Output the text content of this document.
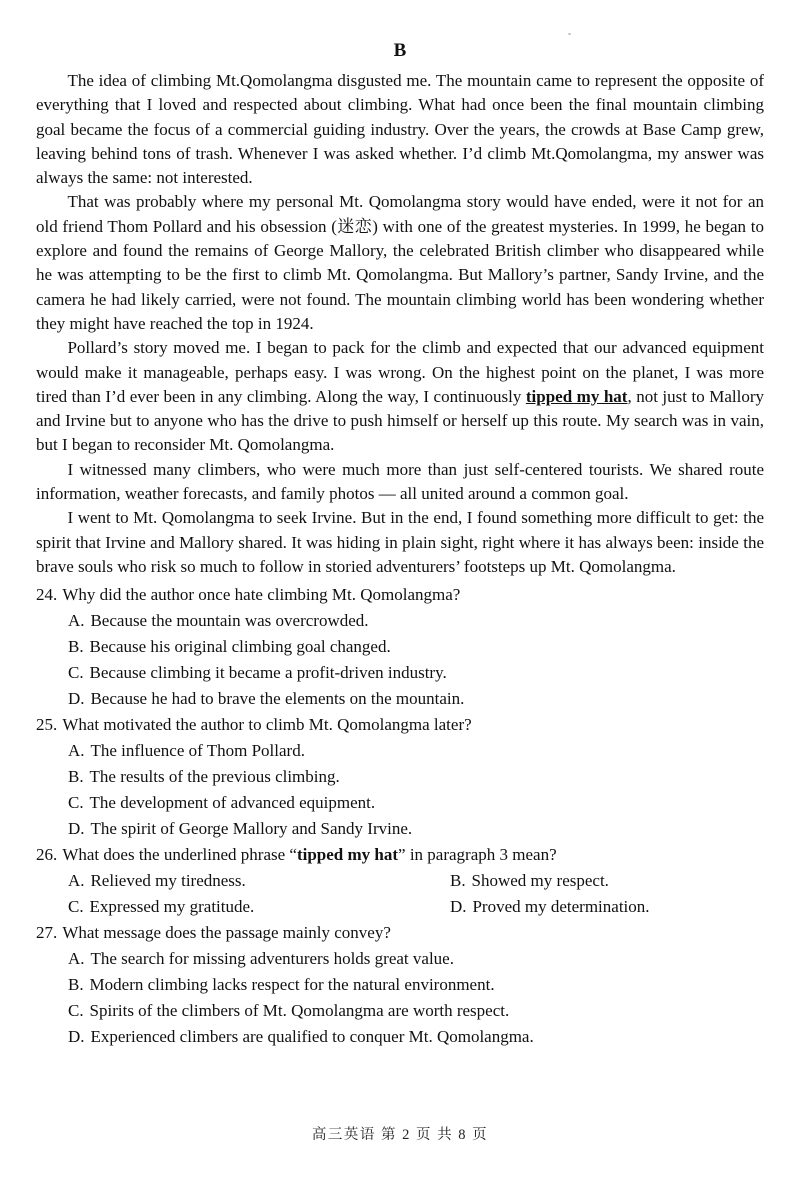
B

The idea of climbing Mt.Qomolangma disgusted me. The mountain came to represent the opposite of everything that I loved and respected about climbing. What had once been the final mountain climbing goal became the focus of a commercial guiding industry. Over the years, the crowds at Base Camp grew, leaving behind tons of trash. Whenever I was asked whether. I’d climb Mt.Qomolangma, my answer was always the same: not interested.

That was probably where my personal Mt. Qomolangma story would have ended, were it not for an old friend Thom Pollard and his obsession (迷恋) with one of the greatest mysteries. In 1999, he began to explore and found the remains of George Mallory, the celebrated British climber who disappeared while he was attempting to be the first to climb Mt. Qomolangma. But Mallory’s partner, Sandy Irvine, and the camera he had likely carried, were not found. The mountain climbing world has been wondering whether they might have reached the top in 1924.

Pollard’s story moved me. I began to pack for the climb and expected that our advanced equipment would make it manageable, perhaps easy. I was wrong. On the highest point on the planet, I was more tired than I’d ever been in any climbing. Along the way, I continuously tipped my hat, not just to Mallory and Irvine but to anyone who has the drive to push himself or herself up this route. My search was in vain, but I began to reconsider Mt. Qomolangma.

I witnessed many climbers, who were much more than just self-centered tourists. We shared route information, weather forecasts, and family photos — all united around a common goal.

I went to Mt. Qomolangma to seek Irvine. But in the end, I found something more difficult to get: the spirit that Irvine and Mallory shared. It was hiding in plain sight, right where it has always been: inside the brave souls who risk so much to follow in storied adventurers’ footsteps up Mt. Qomolangma.

24. Why did the author once hate climbing Mt. Qomolangma?
A. Because the mountain was overcrowded.
B. Because his original climbing goal changed.
C. Because climbing it became a profit-driven industry.
D. Because he had to brave the elements on the mountain.
25. What motivated the author to climb Mt. Qomolangma later?
A. The influence of Thom Pollard.
B. The results of the previous climbing.
C. The development of advanced equipment.
D. The spirit of George Mallory and Sandy Irvine.
26. What does the underlined phrase “tipped my hat” in paragraph 3 mean?
A. Relieved my tiredness.	B. Showed my respect.
C. Expressed my gratitude.	D. Proved my determination.
27. What message does the passage mainly convey?
A. The search for missing adventurers holds great value.
B. Modern climbing lacks respect for the natural environment.
C. Spirits of the climbers of Mt. Qomolangma are worth respect.
D. Experienced climbers are qualified to conquer Mt. Qomolangma.
高三英语 第 2 页 共 8 页
